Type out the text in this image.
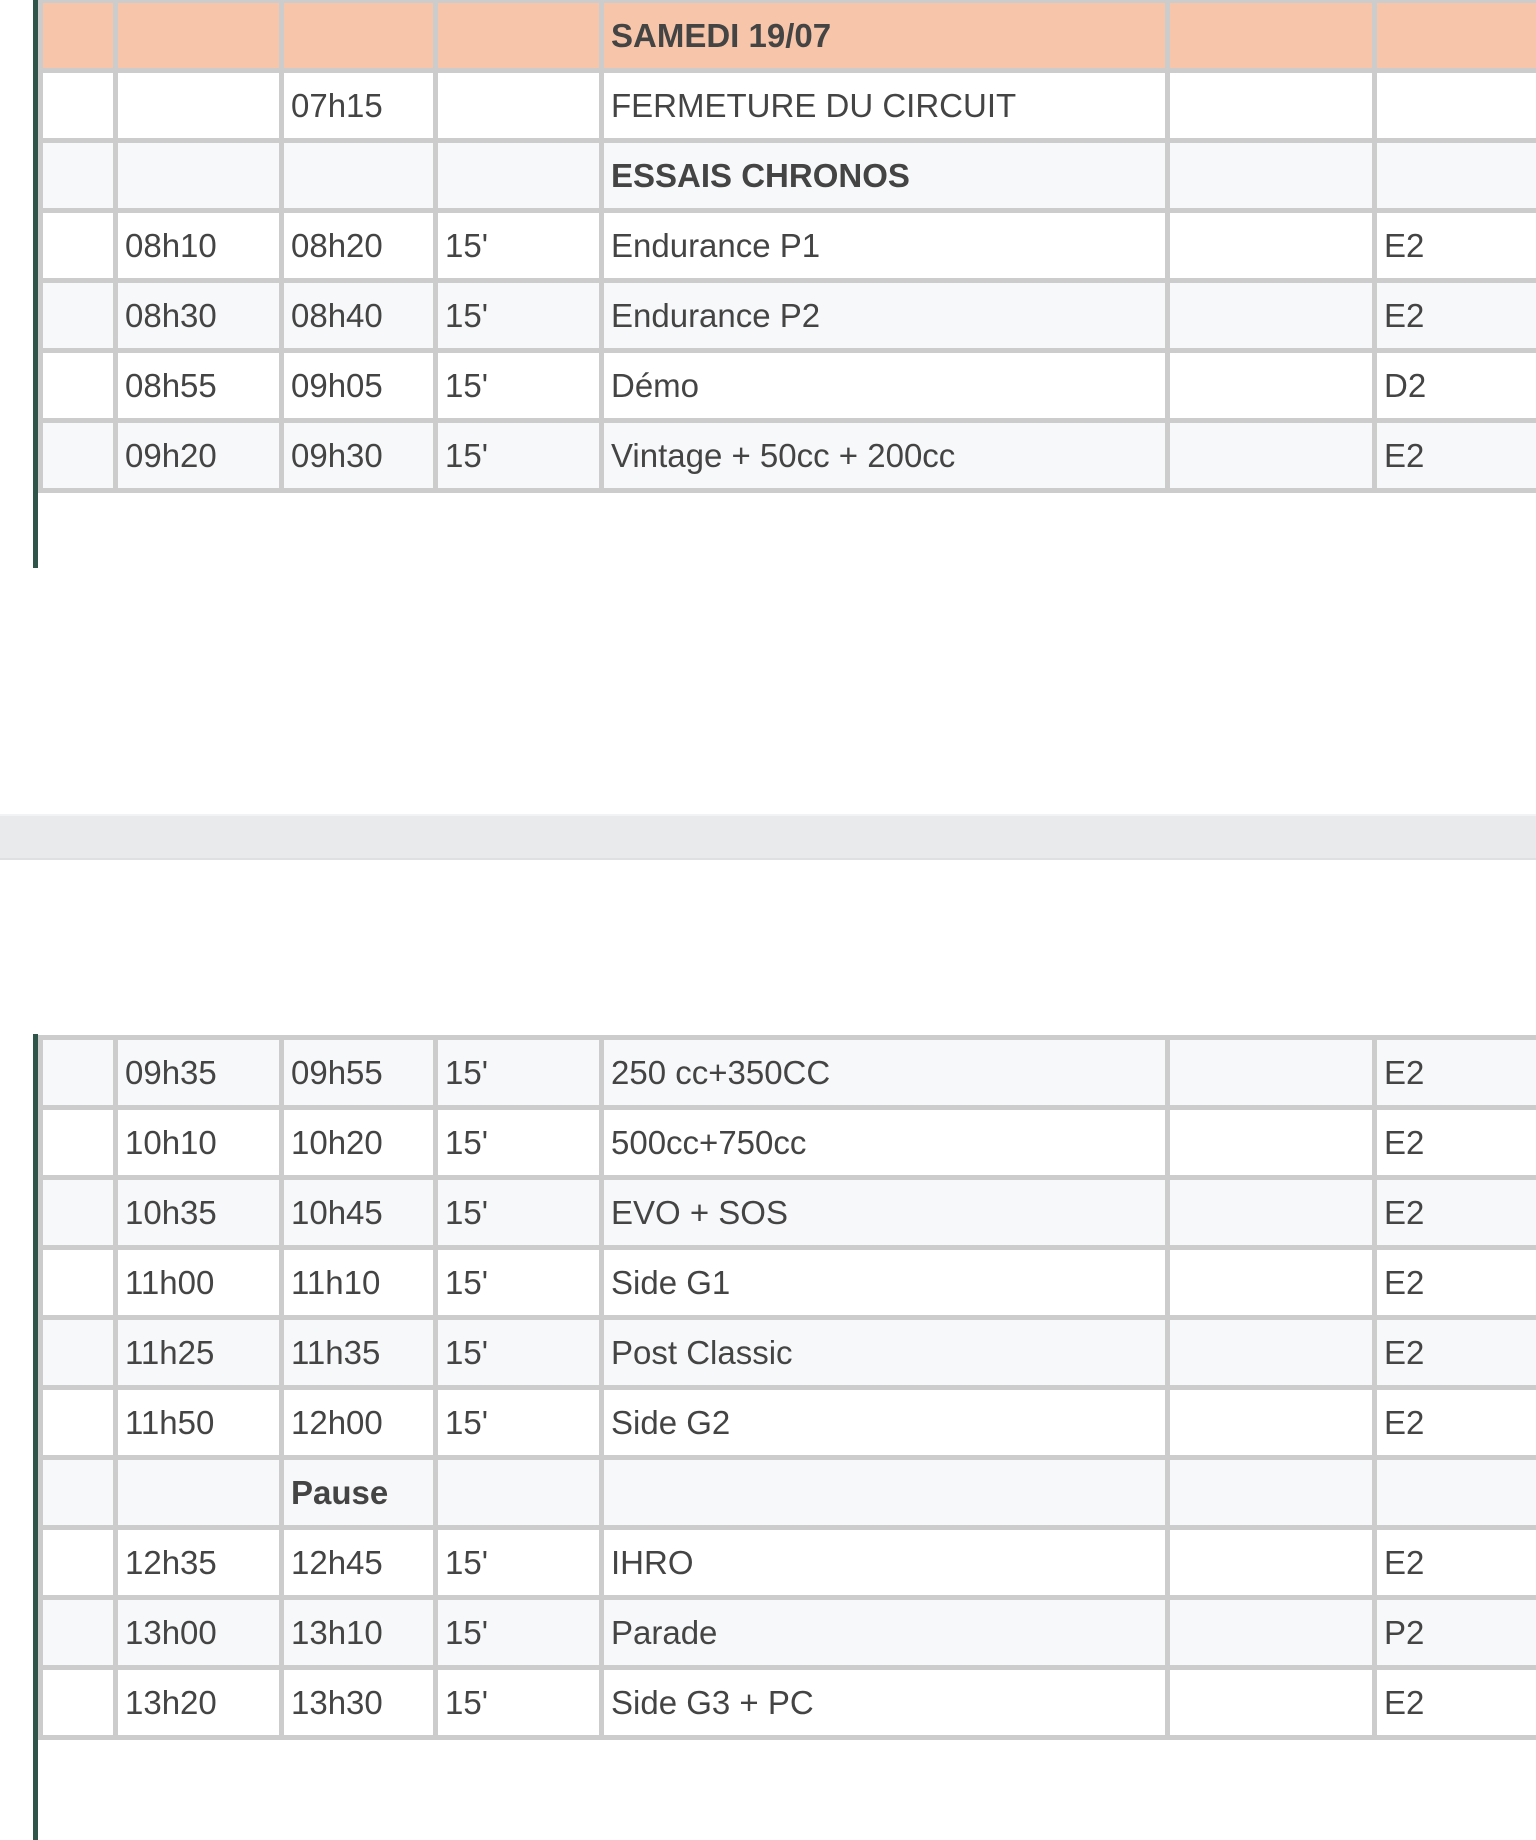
				SAMEDI 19/07		
		07h15		FERMETURE DU CIRCUIT		
				ESSAIS CHRONOS		
	08h10	08h20	15'	Endurance P1		E2
	08h30	08h40	15'	Endurance P2		E2
	08h55	09h05	15'	Démo		D2
	09h20	09h30	15'	Vintage + 50cc + 200cc		E2
	09h35	09h55	15'	250 cc+350CC		E2
	10h10	10h20	15'	500cc+750cc		E2
	10h35	10h45	15'	EVO + SOS		E2
	11h00	11h10	15'	Side G1		E2
	11h25	11h35	15'	Post Classic		E2
	11h50	12h00	15'	Side G2		E2
		Pause				
	12h35	12h45	15'	IHRO		E2
	13h00	13h10	15'	Parade		P2
	13h20	13h30	15'	Side G3 + PC		E2
